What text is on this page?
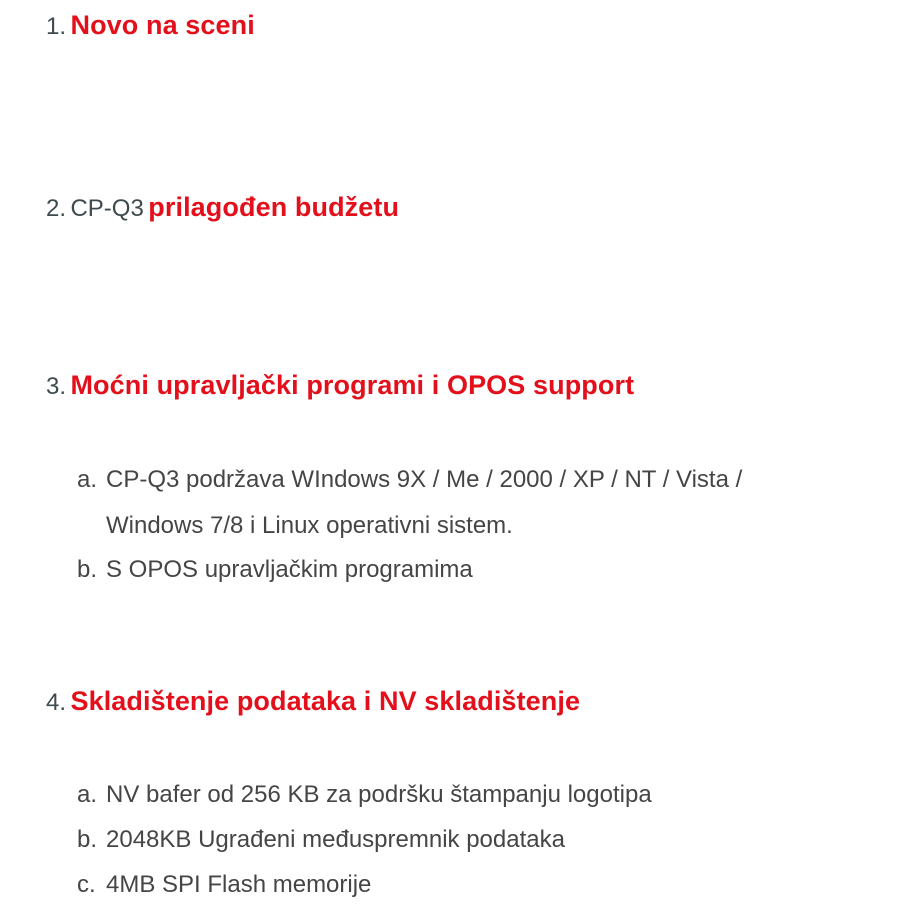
1. Novo na sceni
2. CP-Q3 prilagođen budžetu
3. Moćni upravljački programi i OPOS support
a. CP-Q3 podržava WIndows 9X / Me / 2000 / XP / NT / Vista /
Windows 7/8 i Linux operativni sistem.
b. S OPOS upravljačkim programima
4. Skladištenje podataka i NV skladištenje
a. NV bafer od 256 KB za podršku štampanju logotipa
b. 2048KB Ugrađeni međuspremnik podataka
c. 4MB SPI Flash memorije
